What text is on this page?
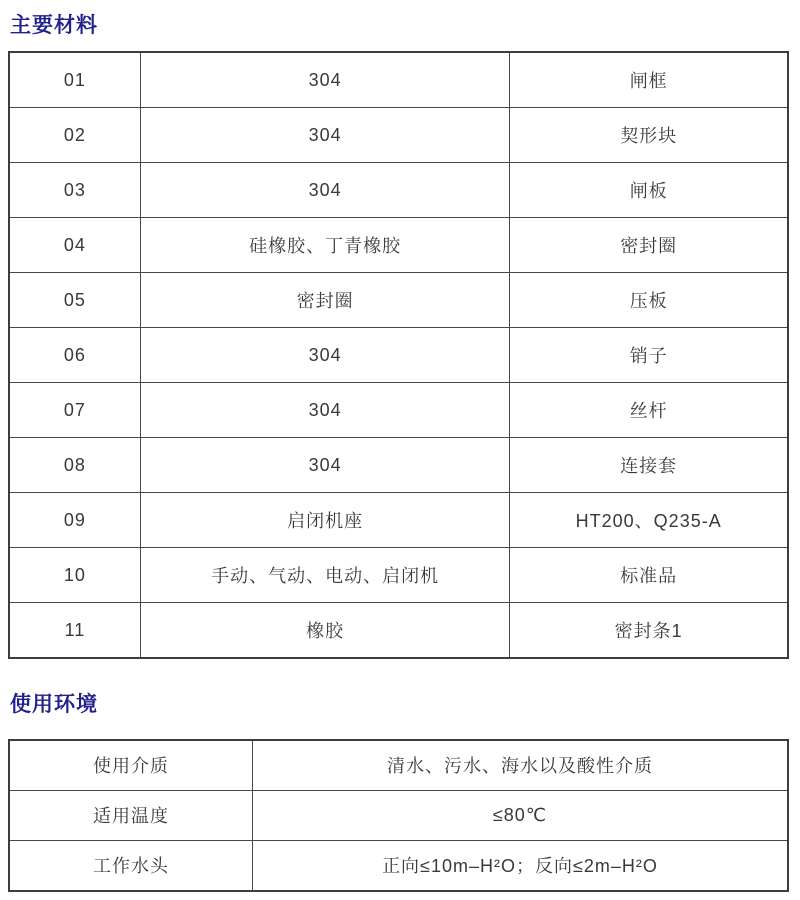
主要材料
01	304	闸框
02	304	契形块
03	304	闸板
04	硅橡胶、丁青橡胶	密封圈
05	密封圈	压板
06	304	销子
07	304	丝杆
08	304	连接套
09	启闭机座	HT200、Q235-A
10	手动、气动、电动、启闭机	标准品
11	橡胶	密封条1
使用环境
使用介质	清水、污水、海水以及酸性介质
适用温度	≤80℃
工作水头	正向≤10m–H²O；反向≤2m–H²O
